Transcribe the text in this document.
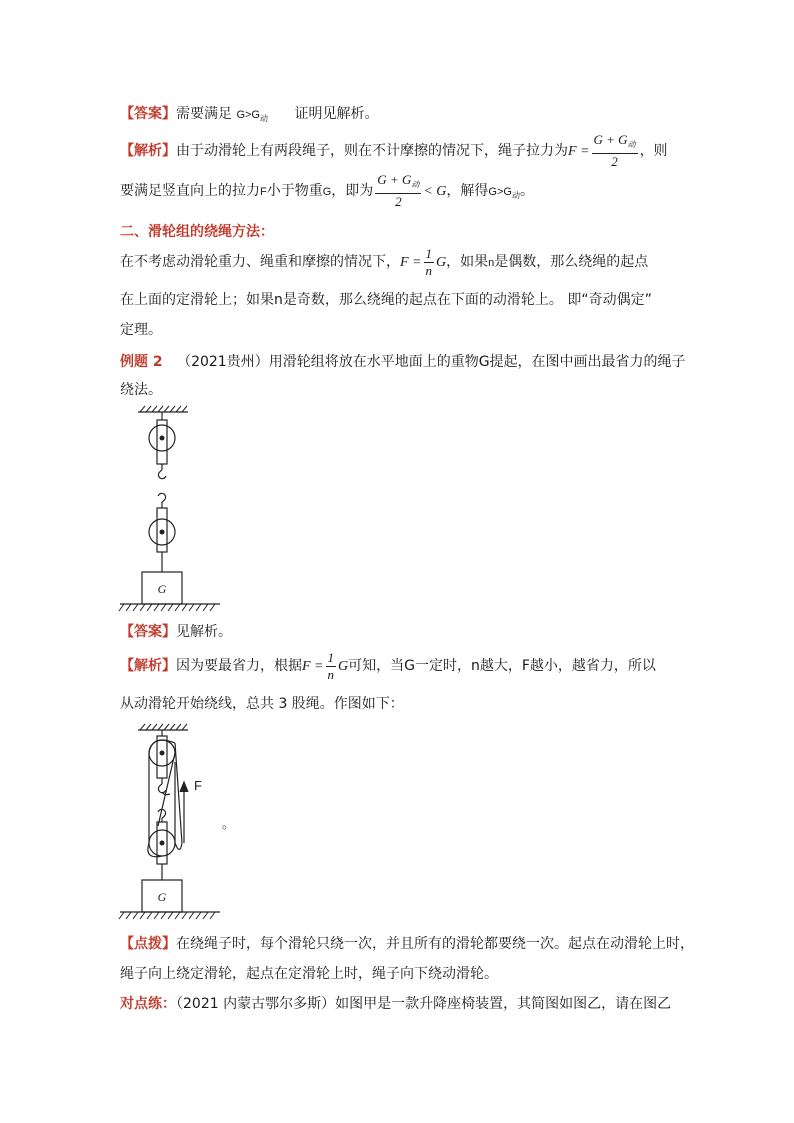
【答案】需要满足 $G>G_动$ 证明见解析。
【解析】由于动滑轮上有两段绳子，则在不计摩擦的情况下，绳子拉力为$F = \frac{G + G_动}{2}$ ，则
要满足竖直向上的拉力F小于物重G，即为 $\frac{G + G_动}{2} < G$，解得$G>G_动$。
二、滑轮组的绕绳方法：
在不考虑动滑轮重力、绳重和摩擦的情况下，$F = \frac{1}{n}$ G，如果n是偶数，那么绕绳的起点
在上面的定滑轮上；如果n是奇数，那么绕绳的起点在下面的动滑轮上。 即“奇动偶定”
定理。
例题 2 （2021贵州）用滑轮组将放在水平地面上的重物G提起，在图中画出最省力的绳子
绕法。
G
【答案】见解析。
【解析】因为要最省力，根据$F = \frac{1}{n}$ G可知，当G一定时，n越大，F越小，越省力，所以
从动滑轮开始绕线，总共 3 股绳。作图如下：
F
G
。
【点拨】在绕绳子时，每个滑轮只绕一次，并且所有的滑轮都要绕一次。起点在动滑轮上时，
绳子向上绕定滑轮，起点在定滑轮上时，绳子向下绕动滑轮。
对点练：（2021 内蒙古鄂尔多斯）如图甲是一款升降座椅装置，其简图如图乙，请在图乙
